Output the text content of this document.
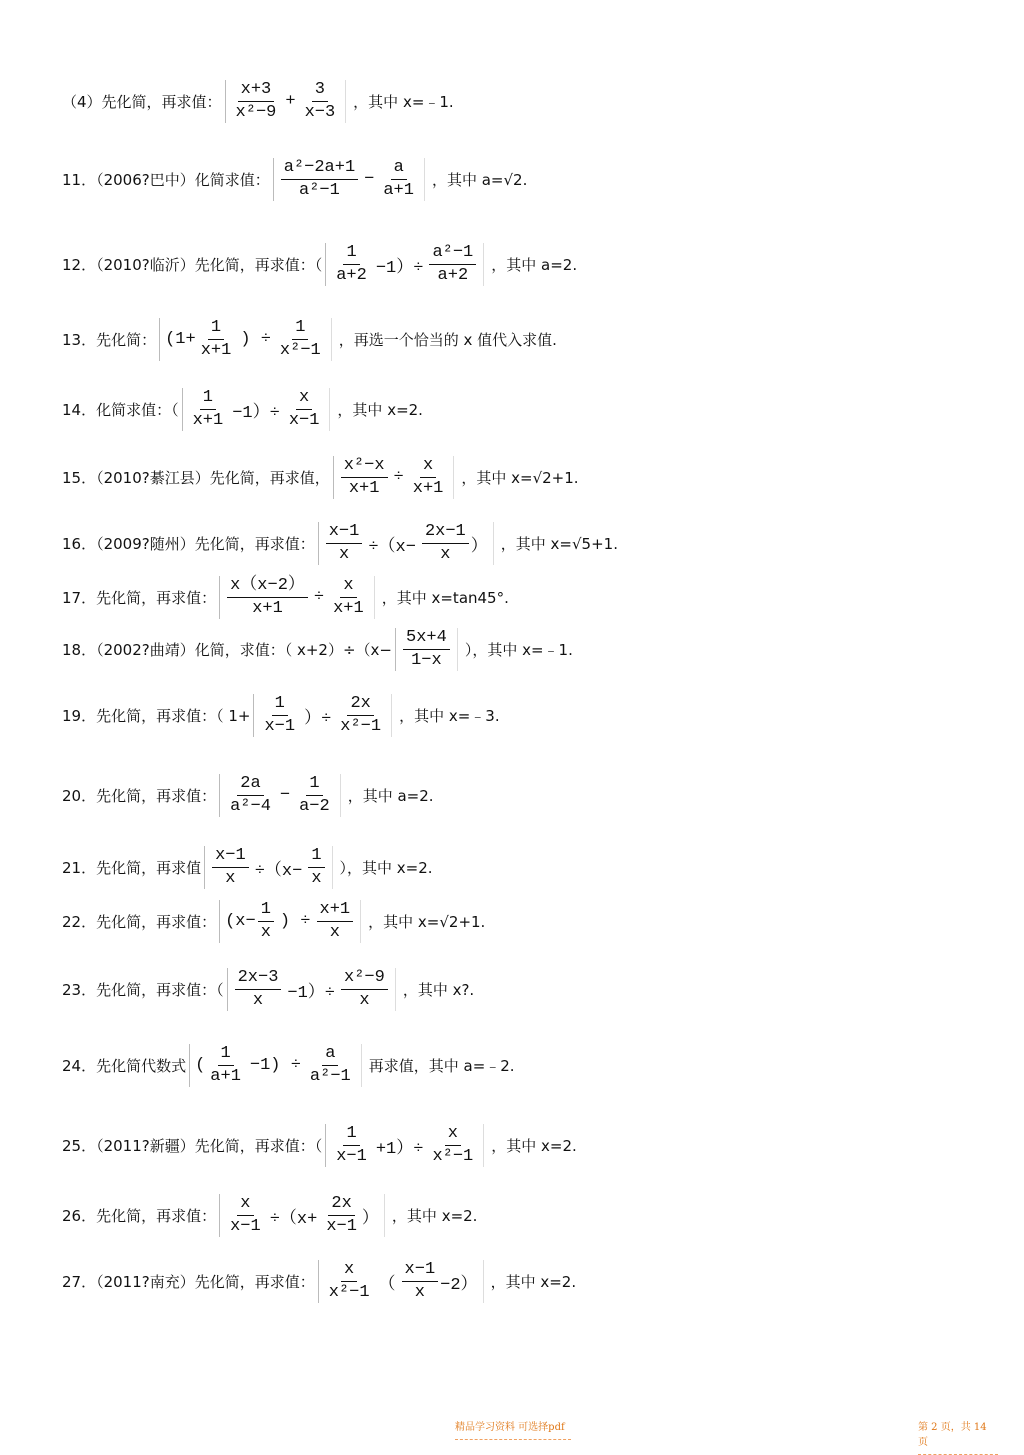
（4）先化简，再求值： $\frac{x+3}{\text{x²−9}} + \frac{3}{x-3}$ ，其中 x=﹣1.
11．（2006?巴中）化简求值： $\frac{\text{a²−2a+1}}{\text{a²−1}} - \frac{a}{a+1}$ ，其中 a=√2.
12．（2010?临沂）先化简，再求值：（ $\frac{1}{a+2} -1)\div \frac{\text{a²−1}}{a+2}$ ，其中 a=2.
13．先化简： ($1+ \frac{1}{x+1}$ ) ÷ $\frac{1}{\text{x²−1}}$ ，再选一个恰当的 x 值代入求值.
14．化简求值：（ $\frac{1}{x+1} -1)\div \frac{x}{x-1}$ ，其中 x=2.
15．（2010?綦江县）先化简，再求值， $\frac{\text{x²−x}}{x+1} \div \frac{x}{x+1}$ ，其中 x=√2+1.
16．（2009?随州）先化简，再求值： $\frac{x-1}{x} \div(x- \frac{2x-1}{x}$ ） ，其中 x=√5+1.
17．先化简，再求值： $\frac{x(x-2)}{x+1} \div \frac{x}{x+1}$ ，其中 x=tan45°.
18．（2002?曲靖）化简，求值：（ $x+2)\div(x- \frac{5x+4}{1-x}$ ），其中 x=﹣1.
19．先化简，再求值：（ $1+ \frac{1}{x-1}$ ）÷ $\frac{2x}{\text{x²−1}}$ ，其中 x=﹣3.
20．先化简，再求值： $\frac{2a}{\text{a²−4}} - \frac{1}{a-2}$ ，其中 a=2.
21．先化简，再求值 $\frac{x-1}{x} \div(x- \frac{1}{x}$ ），其中 x=2.
22．先化简，再求值： ($x- \frac{1}{x}$ ) ÷ $\frac{x+1}{x}$ ，其中 x=√2+1.
23．先化简，再求值：（ $\frac{2x-3}{x} -1)\div \frac{\text{x²−9}}{x}$ ，其中 x?.
24．先化简代数式 ( $\frac{1}{a+1} -1) \div \frac{a}{\text{a²−1}}$ 再求值，其中 a=﹣2.
25．（2011?新疆）先化简，再求值：（ $\frac{1}{x-1} +1)\div \frac{x}{\text{x²−1}}$ ，其中 x=2.
26．先化简，再求值： $\frac{x}{x-1} \div(x+ \frac{2x}{x-1}$ ） ，其中 x=2.
27．（2011?南充）先化简，再求值： $\frac{x}{\text{x²−1}}$ （ $\frac{x-1}{x} -2$） ，其中 x=2.
精品学习资料 可选择pdf	第 2 页，共 14 页
